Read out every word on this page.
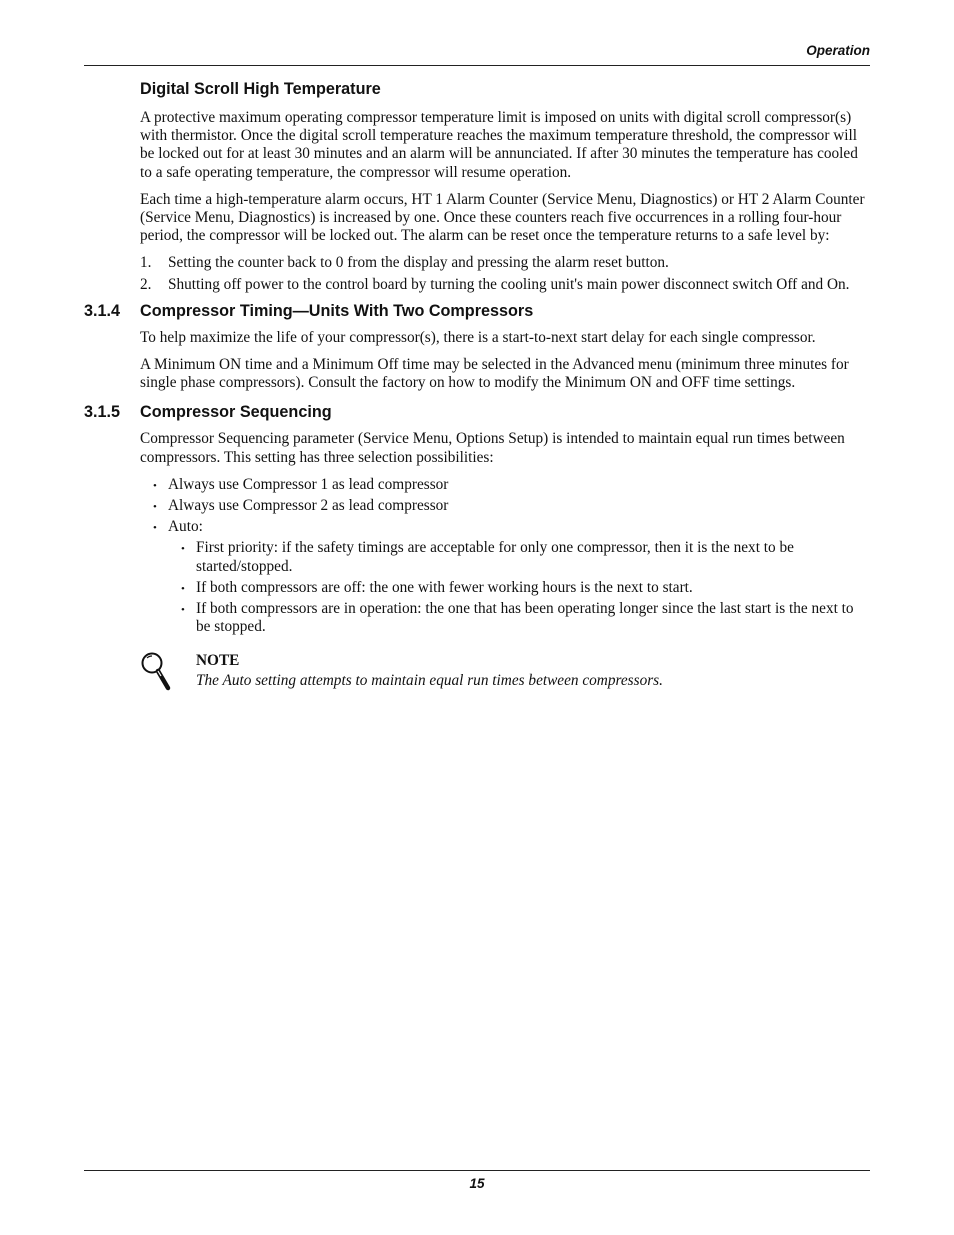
Operation
Digital Scroll High Temperature

A protective maximum operating compressor temperature limit is imposed on units with digital scroll compressor(s) with thermistor. Once the digital scroll temperature reaches the maximum temperature threshold, the compressor will be locked out for at least 30 minutes and an alarm will be annunciated. If after 30 minutes the temperature has cooled to a safe operating temperature, the compressor will resume operation.

Each time a high-temperature alarm occurs, HT 1 Alarm Counter (Service Menu, Diagnostics) or HT 2 Alarm Counter (Service Menu, Diagnostics) is increased by one. Once these counters reach five occurrences in a rolling four-hour period, the compressor will be locked out. The alarm can be reset once the temperature returns to a safe level by:

1. Setting the counter back to 0 from the display and pressing the alarm reset button.
2. Shutting off power to the control board by turning the cooling unit's main power disconnect switch Off and On.
3.1.4 Compressor Timing—Units With Two Compressors

To help maximize the life of your compressor(s), there is a start-to-next start delay for each single compressor.

A Minimum ON time and a Minimum Off time may be selected in the Advanced menu (minimum three minutes for single phase compressors). Consult the factory on how to modify the Minimum ON and OFF time settings.

3.1.5 Compressor Sequencing

Compressor Sequencing parameter (Service Menu, Options Setup) is intended to maintain equal run times between compressors. This setting has three selection possibilities:

• Always use Compressor 1 as lead compressor
• Always use Compressor 2 as lead compressor
• Auto:
• First priority: if the safety timings are acceptable for only one compressor, then it is the next to be started/stopped.
• If both compressors are off: the one with fewer working hours is the next to start.
• If both compressors are in operation: the one that has been operating longer since the last start is the next to be stopped.
NOTE
The Auto setting attempts to maintain equal run times between compressors.
15
